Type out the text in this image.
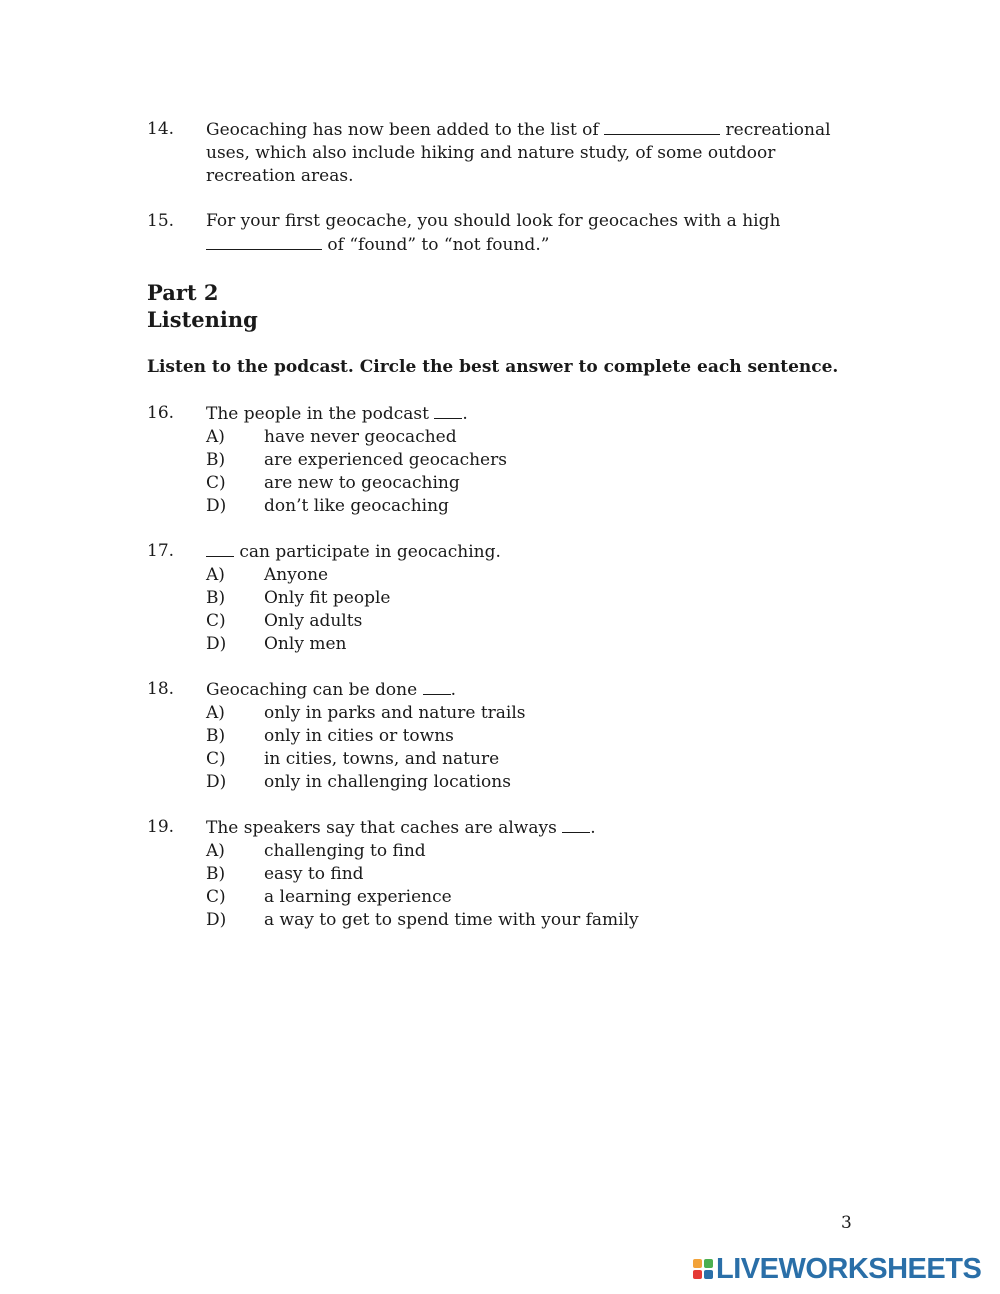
14. Geocaching has now been added to the list of	recreational uses, which also include hiking and nature study, of some outdoor recreation areas.
15. For your first geocache, you should look for geocaches with a high  of “found” to “not found.”
Part 2
Listening
Listen to the podcast. Circle the best answer to complete each sentence.
16. The people in the podcast .
A) have never geocached
B) are experienced geocachers
C) are new to geocaching
D) don’t like geocaching
17.	can participate in geocaching.
A) Anyone
B) Only fit people
C) Only adults
D) Only men
18. Geocaching can be done .
A) only in parks and nature trails
B) only in cities or towns
C) in cities, towns, and nature
D) only in challenging locations
19. The speakers say that caches are always .
A) challenging to find
B) easy to find
C) a learning experience
D) a way to get to spend time with your family
3
LIVEWORKSHEETS
